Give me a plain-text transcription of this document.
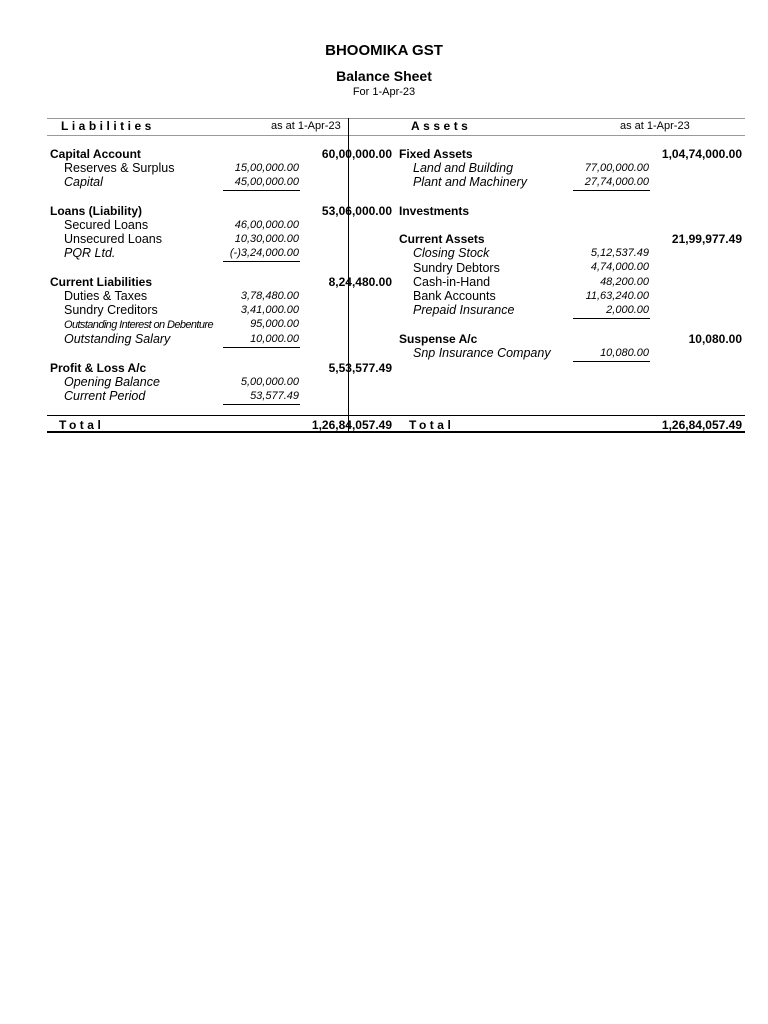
BHOOMIKA GST
Balance Sheet
For 1-Apr-23
Liabilities	as at 1-Apr-23	Assets	as at 1-Apr-23
Capital Account	60,00,000.00
Reserves & Surplus	15,00,000.00
Capital	45,00,000.00
Loans (Liability)	53,06,000.00
Secured Loans	46,00,000.00
Unsecured Loans	10,30,000.00
PQR Ltd.	(-)3,24,000.00
Current Liabilities	8,24,480.00
Duties & Taxes	3,78,480.00
Sundry Creditors	3,41,000.00
Outstanding Interest on Debenture	95,000.00
Outstanding Salary	10,000.00
Profit & Loss A/c	5,53,577.49
Opening Balance	5,00,000.00
Current Period	53,577.49
Total	1,26,84,057.49
Fixed Assets	1,04,74,000.00
Land and Building	77,00,000.00
Plant and Machinery	27,74,000.00
Investments
Current Assets	21,99,977.49
Closing Stock	5,12,537.49
Sundry Debtors	4,74,000.00
Cash-in-Hand	48,200.00
Bank Accounts	11,63,240.00
Prepaid Insurance	2,000.00
Suspense A/c	10,080.00
Snp Insurance Company	10,080.00
Total	1,26,84,057.49
